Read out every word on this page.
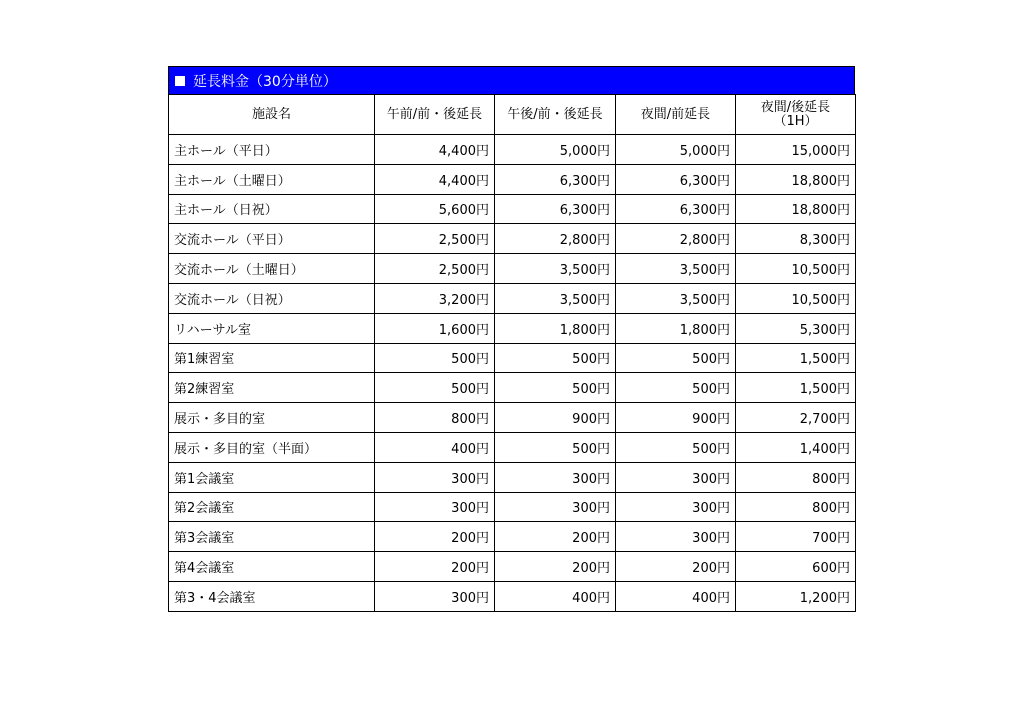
延長料金（30分単位）
施設名	午前/前・後延長	午後/前・後延長	夜間/前延長	夜間/後延長
（1H）

主ホール（平日）	4,400円	5,000円	5,000円	15,000円
主ホール（土曜日）	4,400円	6,300円	6,300円	18,800円
主ホール（日祝）	5,600円	6,300円	6,300円	18,800円
交流ホール（平日）	2,500円	2,800円	2,800円	8,300円
交流ホール（土曜日）	2,500円	3,500円	3,500円	10,500円
交流ホール（日祝）	3,200円	3,500円	3,500円	10,500円
リハーサル室	1,600円	1,800円	1,800円	5,300円
第1練習室	500円	500円	500円	1,500円
第2練習室	500円	500円	500円	1,500円
展示・多目的室	800円	900円	900円	2,700円
展示・多目的室（半面）	400円	500円	500円	1,400円
第1会議室	300円	300円	300円	800円
第2会議室	300円	300円	300円	800円
第3会議室	200円	200円	300円	700円
第4会議室	200円	200円	200円	600円
第3・4会議室	300円	400円	400円	1,200円
